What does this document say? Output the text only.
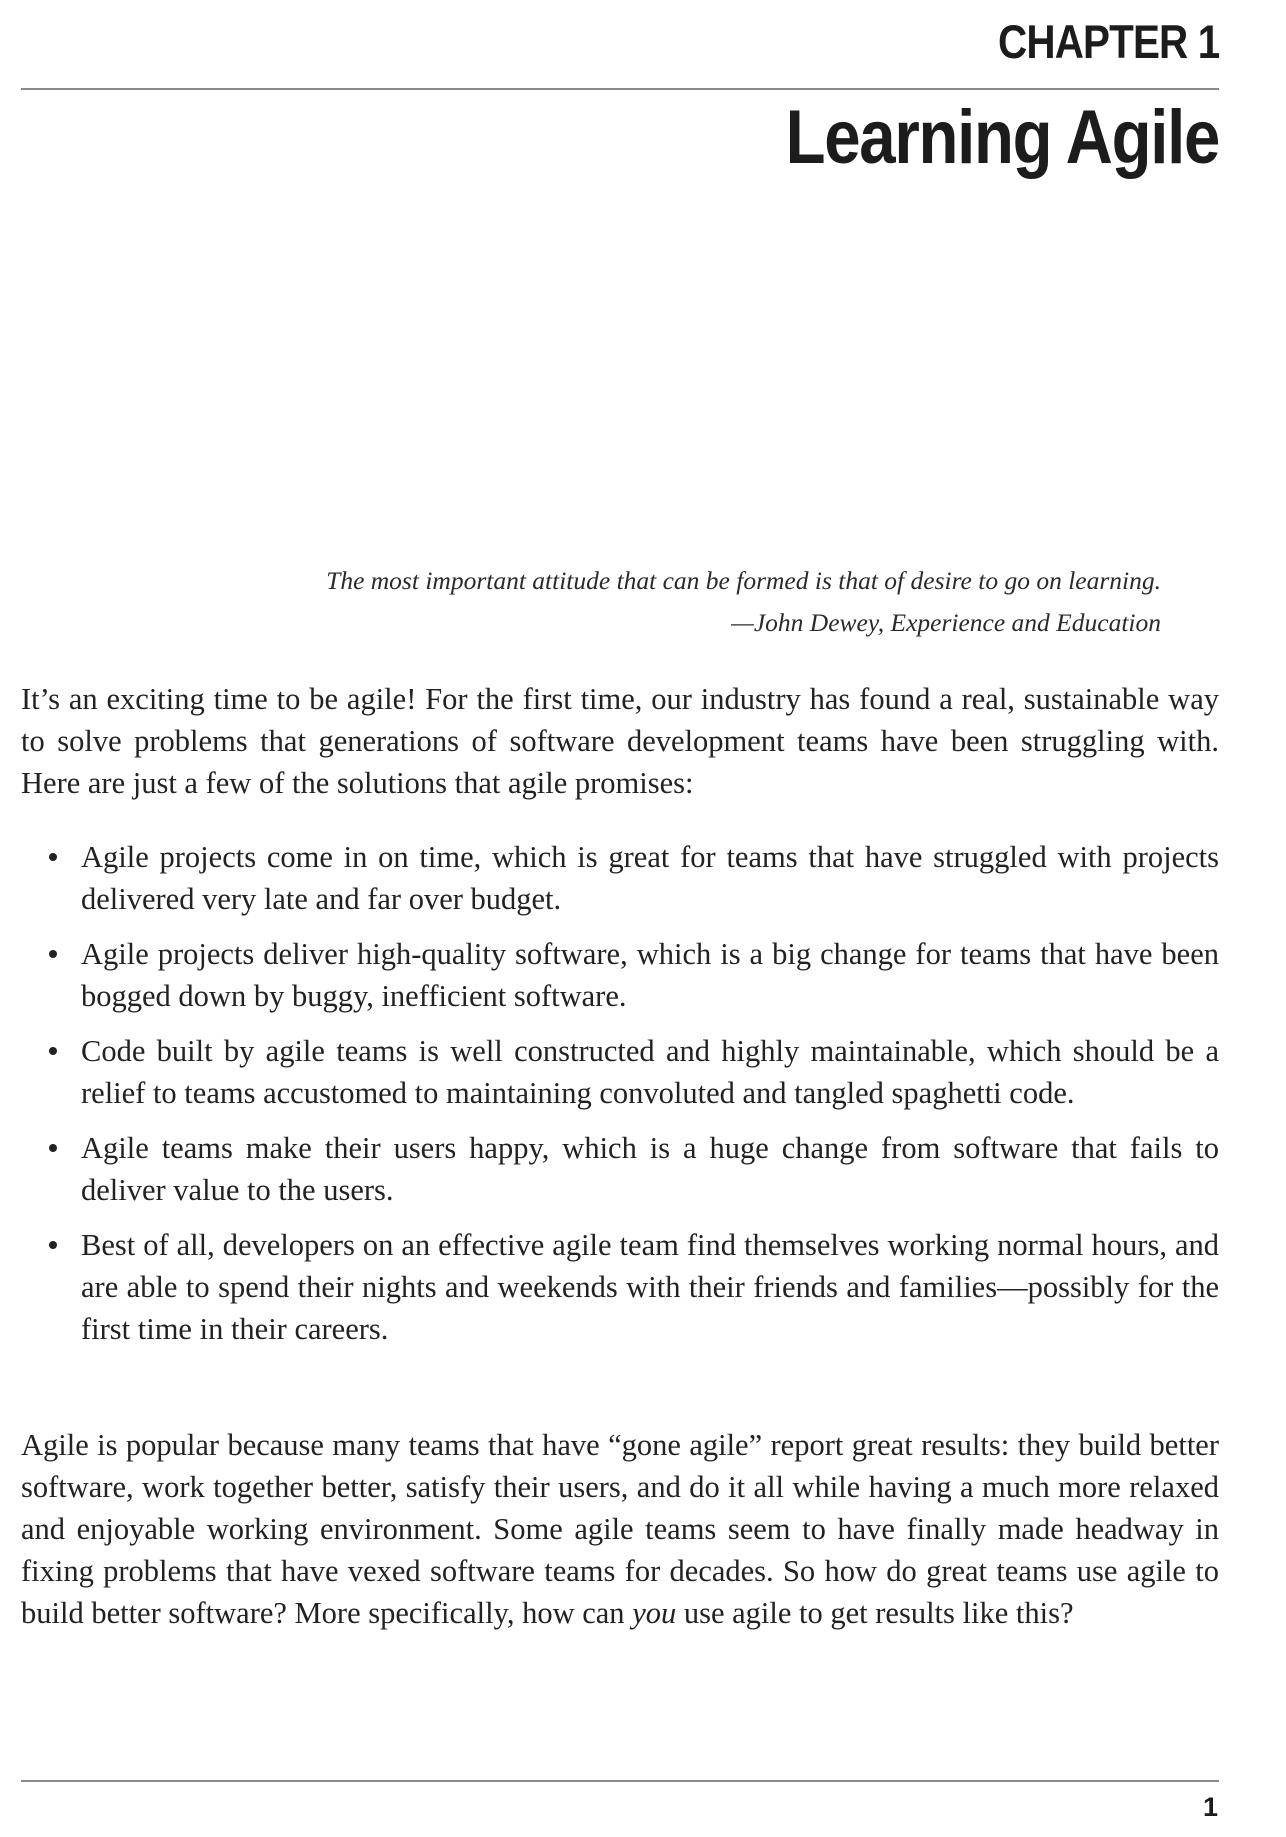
CHAPTER 1
Learning Agile

The most important attitude that can be formed is that of desire to go on learning.

—John Dewey, Experience and Education

It’s an exciting time to be agile! For the first time, our industry has found a real, sustainable way to solve problems that generations of software development teams have been struggling with. Here are just a few of the solutions that agile promises:
Agile projects come in on time, which is great for teams that have struggled with projects delivered very late and far over budget.
Agile projects deliver high-quality software, which is a big change for teams that have been bogged down by buggy, inefficient software.
Code built by agile teams is well constructed and highly maintainable, which should be a relief to teams accustomed to maintaining convoluted and tangled spaghetti code.
Agile teams make their users happy, which is a huge change from software that fails to deliver value to the users.
Best of all, developers on an effective agile team find themselves working normal hours, and are able to spend their nights and weekends with their friends and families—possibly for the first time in their careers.
Agile is popular because many teams that have “gone agile” report great results: they build better software, work together better, satisfy their users, and do it all while having a much more relaxed and enjoyable working environment. Some agile teams seem to have finally made headway in fixing problems that have vexed software teams for decades. So how do great teams use agile to build better software? More specifically, how can you use agile to get results like this?
1
